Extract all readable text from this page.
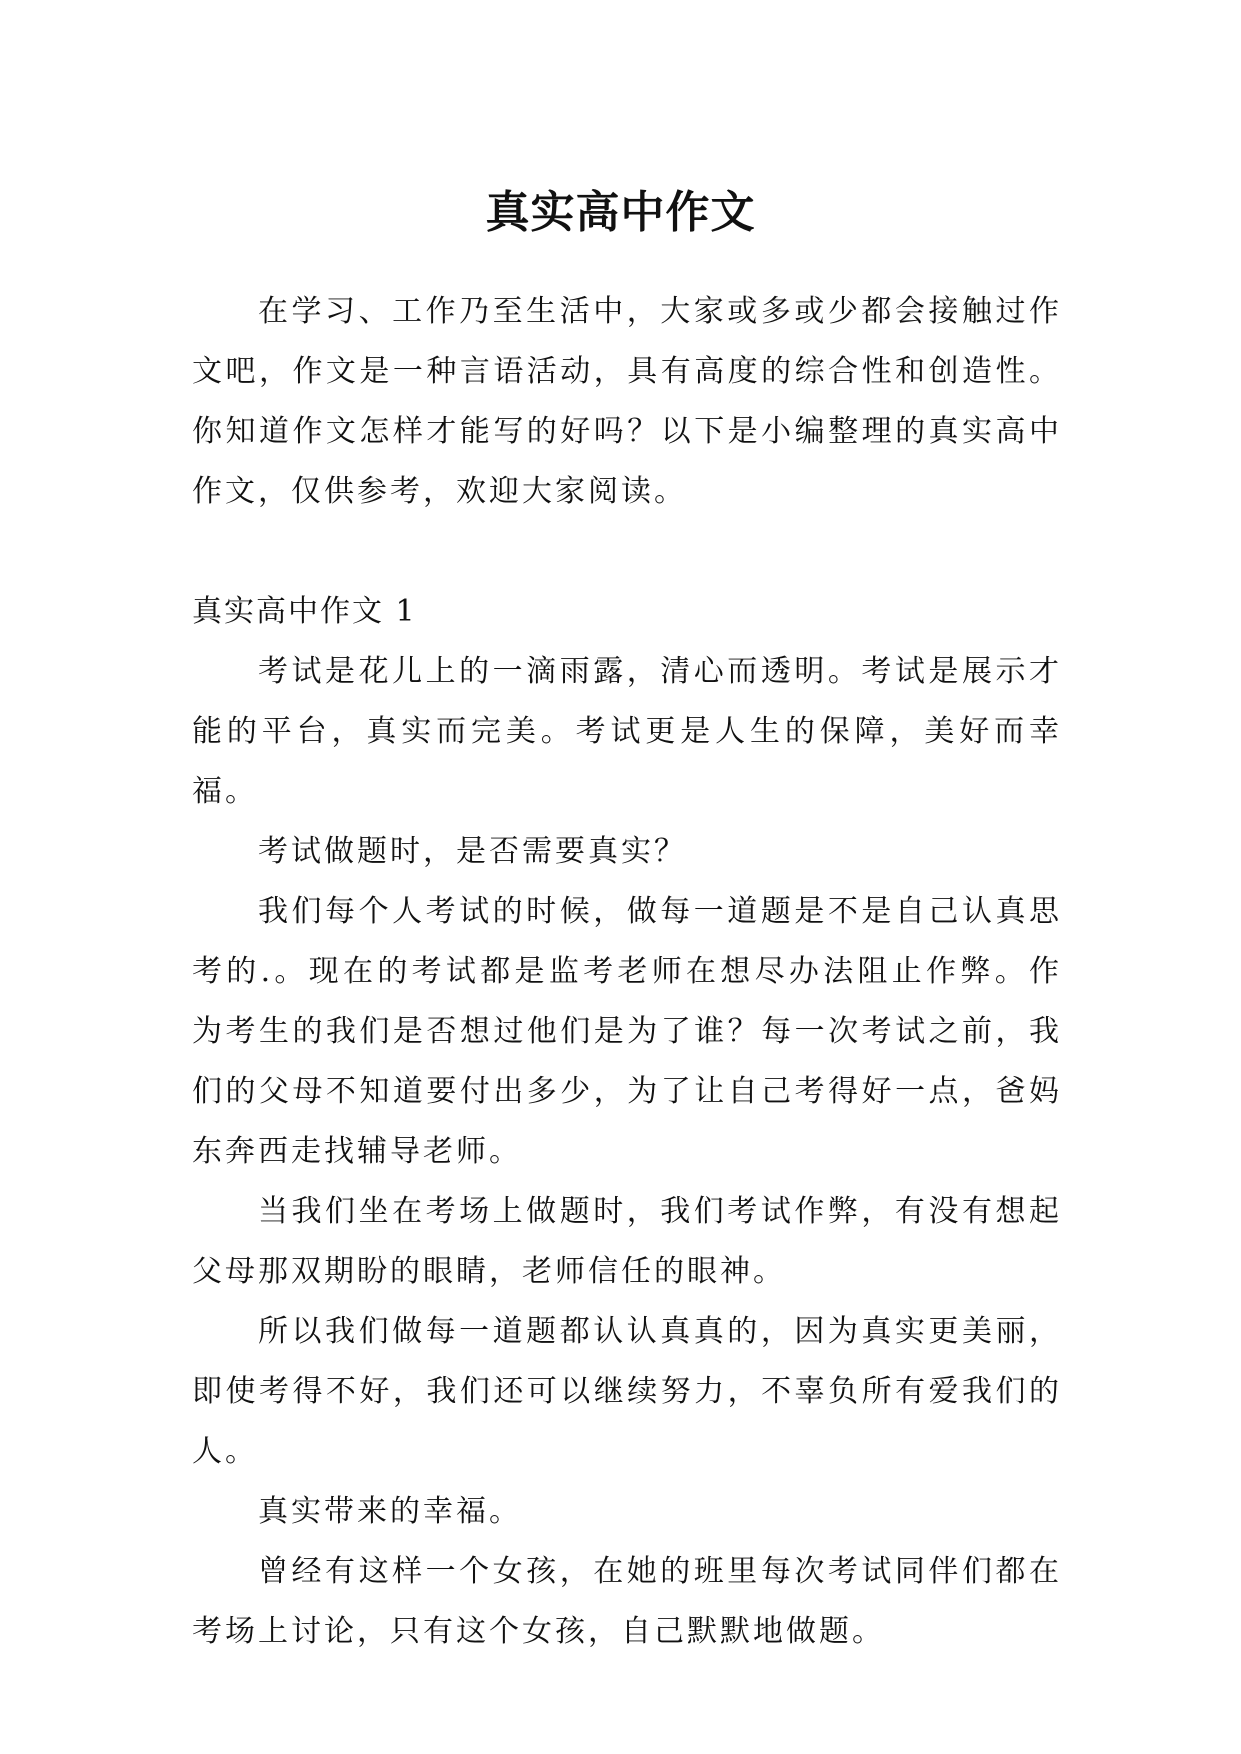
真实高中作文

在学习、工作乃至生活中，大家或多或少都会接触过作文吧，作文是一种言语活动，具有高度的综合性和创造性。你知道作文怎样才能写的好吗？以下是小编整理的真实高中作文，仅供参考，欢迎大家阅读。

真实高中作文 1

考试是花儿上的一滴雨露，清心而透明。考试是展示才能的平台，真实而完美。考试更是人生的保障，美好而幸福。

考试做题时，是否需要真实？

我们每个人考试的时候，做每一道题是不是自己认真思考的.。现在的考试都是监考老师在想尽办法阻止作弊。作为考生的我们是否想过他们是为了谁？每一次考试之前，我们的父母不知道要付出多少，为了让自己考得好一点，爸妈东奔西走找辅导老师。

当我们坐在考场上做题时，我们考试作弊，有没有想起父母那双期盼的眼睛，老师信任的眼神。

所以我们做每一道题都认认真真的，因为真实更美丽，即使考得不好，我们还可以继续努力，不辜负所有爱我们的人。

真实带来的幸福。

曾经有这样一个女孩，在她的班里每次考试同伴们都在考场上讨论，只有这个女孩，自己默默地做题。
